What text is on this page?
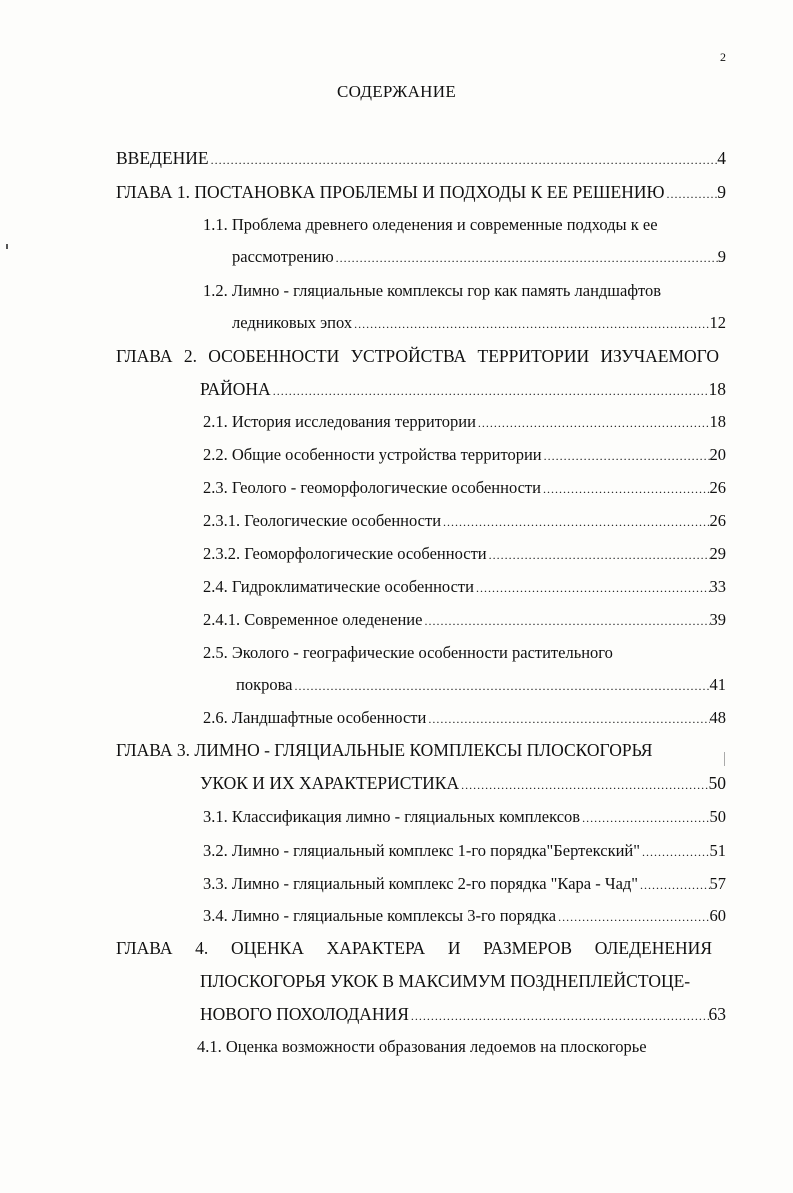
2
СОДЕРЖАНИЕ
ВВЕДЕНИЕ .....	4
ГЛАВА 1. ПОСТАНОВКА ПРОБЛЕМЫ И ПОДХОДЫ К ЕЕ РЕШЕНИЮ .....	9
1.1. Проблема древнего оледенения и современные подходы к ее
рассмотрению .....	9
1.2. Лимно - гляциальные комплексы гор как память ландшафтов
ледниковых эпох .....	12
ГЛАВА 2. ОСОБЕННОСТИ УСТРОЙСТВА ТЕРРИТОРИИ ИЗУЧАЕМОГО
РАЙОНА .....	18
2.1. История исследования территории .....	18
2.2. Общие особенности устройства территории .....	20
2.3. Геолого - геоморфологические особенности .....	26
2.3.1. Геологические особенности .....	26
2.3.2. Геоморфологические особенности .....	29
2.4. Гидроклиматические особенности .....	33
2.4.1. Современное оледенение .....	39
2.5. Эколого - географические особенности растительного
покрова .....	41
2.6. Ландшафтные особенности .....	48
ГЛАВА 3. ЛИМНО - ГЛЯЦИАЛЬНЫЕ КОМПЛЕКСЫ ПЛОСКОГОРЬЯ
УКОК И ИХ ХАРАКТЕРИСТИКА .....	50
3.1. Классификация лимно - гляциальных комплексов .....	50
3.2. Лимно - гляциальный комплекс 1-го порядка"Бертекский" .....	51
3.3. Лимно - гляциальный комплекс 2-го порядка "Кара - Чад" .....	57
3.4. Лимно - гляциальные комплексы 3-го порядка .....	60
ГЛАВА 4. ОЦЕНКА ХАРАКТЕРА И РАЗМЕРОВ ОЛЕДЕНЕНИЯ
ПЛОСКОГОРЬЯ УКОК В МАКСИМУМ ПОЗДНЕПЛЕЙСТОЦЕ-
НОВОГО ПОХОЛОДАНИЯ .....	63
4.1. Оценка возможности образования ледоемов на плоскогорье
